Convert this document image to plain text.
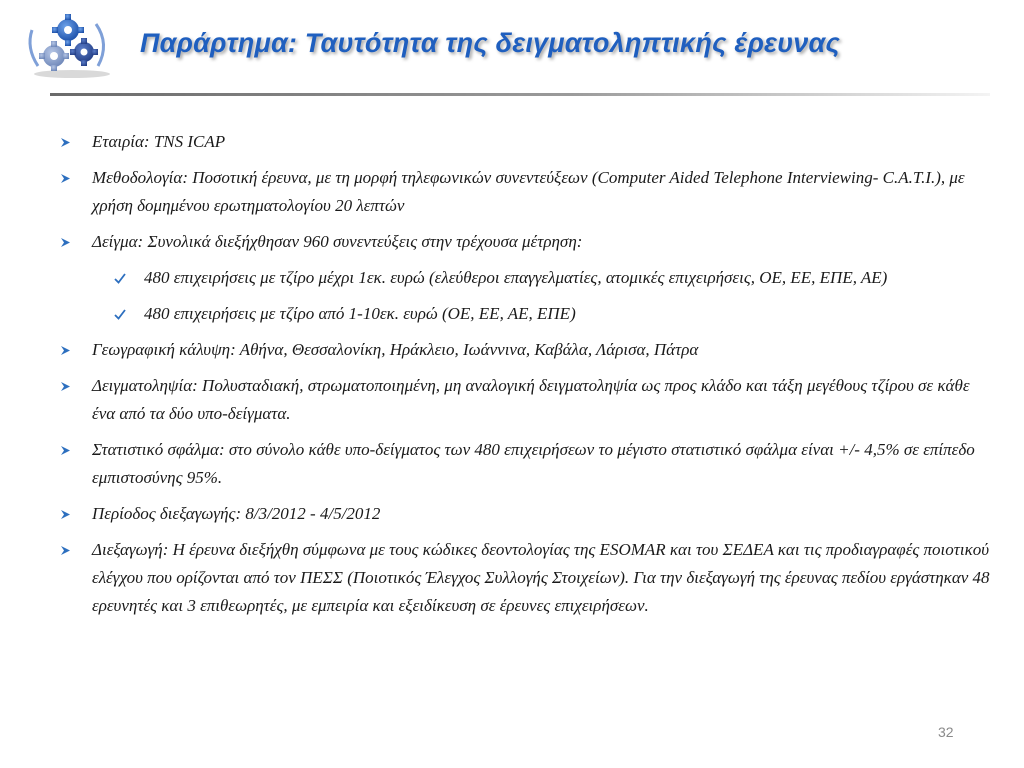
Παράρτημα: Ταυτότητα της δειγματοληπτικής έρευνας
Εταιρία: TNS ICAP
Μεθοδολογία: Ποσοτική έρευνα, με τη μορφή τηλεφωνικών συνεντεύξεων (Computer Aided Telephone Interviewing- C.A.T.I.), με χρήση δομημένου ερωτηματολογίου 20 λεπτών
Δείγμα: Συνολικά διεξήχθησαν 960 συνεντεύξεις στην τρέχουσα μέτρηση:
480 επιχειρήσεις με τζίρο μέχρι 1εκ. ευρώ (ελεύθεροι επαγγελματίες, ατομικές επιχειρήσεις, ΟΕ, ΕΕ, ΕΠΕ, ΑΕ)
480 επιχειρήσεις με τζίρο από 1-10εκ. ευρώ (ΟΕ, ΕΕ, ΑΕ, ΕΠΕ)
Γεωγραφική κάλυψη: Αθήνα, Θεσσαλονίκη, Ηράκλειο, Ιωάννινα, Καβάλα, Λάρισα, Πάτρα
Δειγματοληψία: Πολυσταδιακή, στρωματοποιημένη, μη αναλογική δειγματοληψία ως προς κλάδο και τάξη μεγέθους τζίρου σε κάθε ένα από τα δύο υπο-δείγματα.
Στατιστικό σφάλμα: στο σύνολο κάθε υπο-δείγματος των 480 επιχειρήσεων το μέγιστο στατιστικό σφάλμα είναι +/- 4,5% σε επίπεδο εμπιστοσύνης 95%.
Περίοδος διεξαγωγής: 8/3/2012 - 4/5/2012
Διεξαγωγή: Η έρευνα διεξήχθη σύμφωνα με τους κώδικες δεοντολογίας της ESOMAR και του ΣΕΔΕΑ και τις προδιαγραφές ποιοτικού ελέγχου που ορίζονται από τον ΠΕΣΣ (Ποιοτικός Έλεγχος Συλλογής Στοιχείων). Για την διεξαγωγή της έρευνας πεδίου εργάστηκαν 48 ερευνητές και 3 επιθεωρητές, με εμπειρία και εξειδίκευση σε έρευνες επιχειρήσεων.
32
